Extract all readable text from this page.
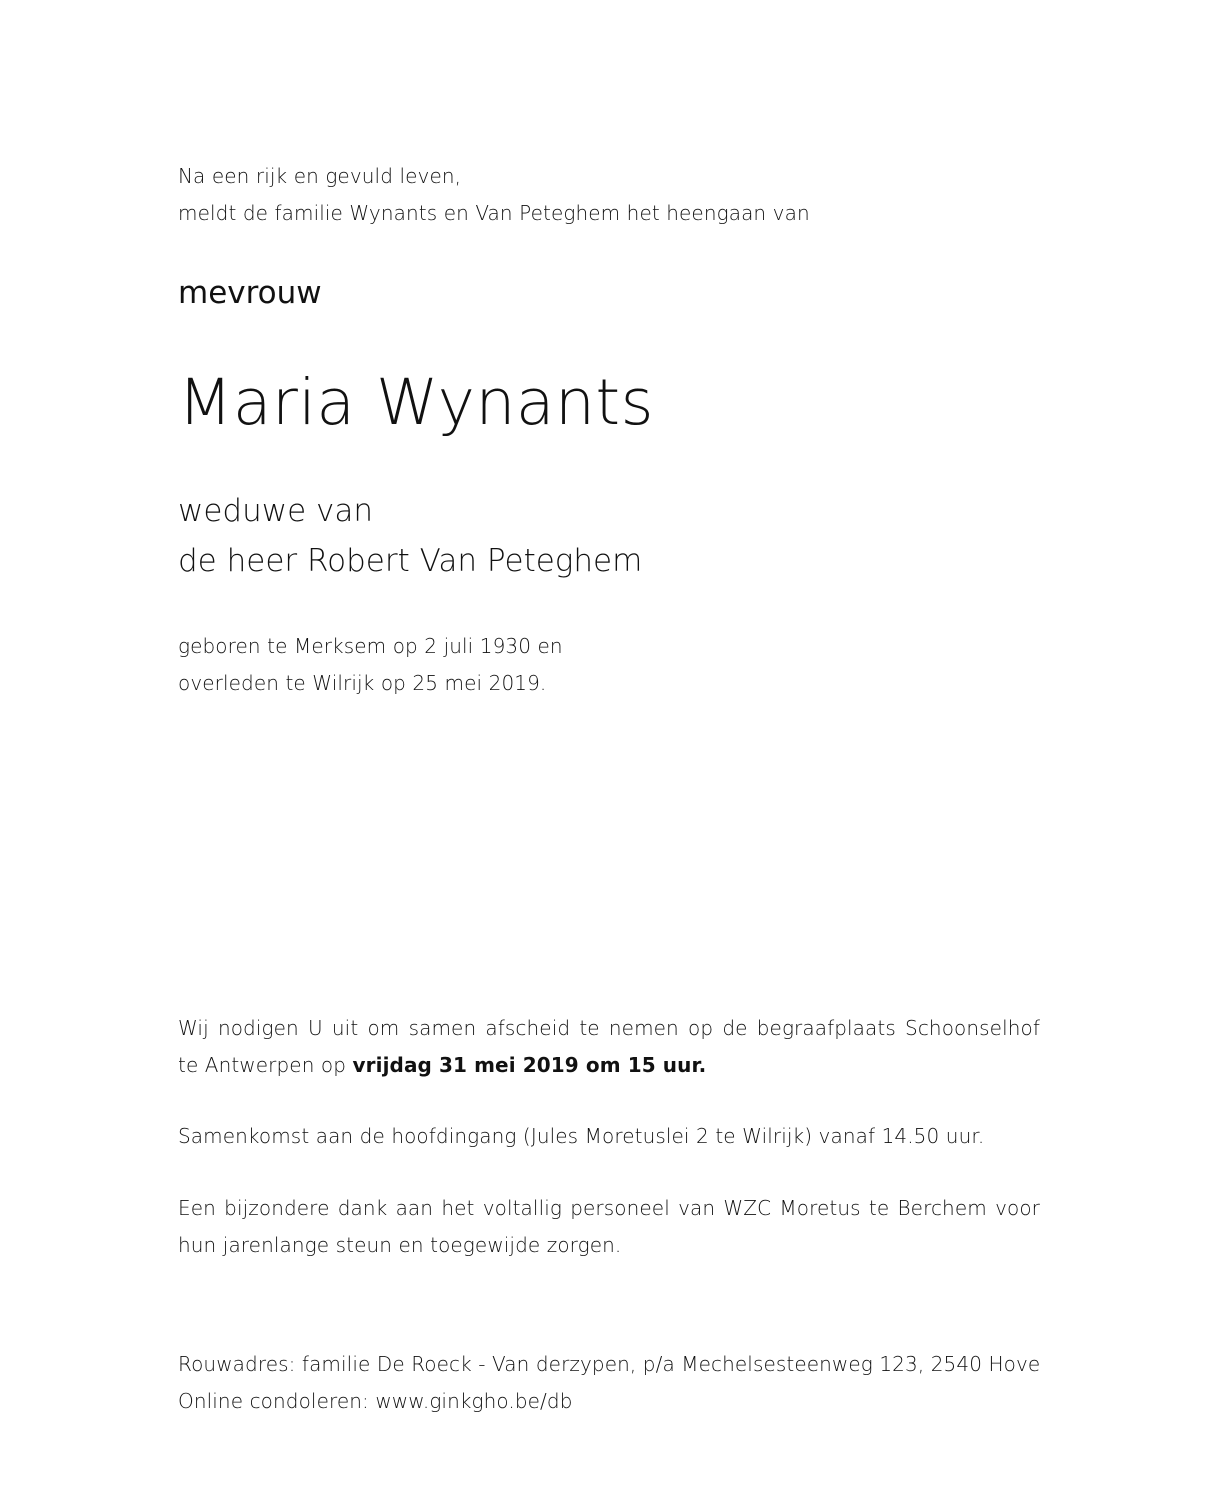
Na een rijk en gevuld leven,
meldt de familie Wynants en Van Peteghem het heengaan van

mevrouw

Maria Wynants
weduwe van
de heer Robert Van Peteghem
geboren te Merksem op 2 juli 1930 en
overleden te Wilrijk op 25 mei 2019.
Wij nodigen U uit om samen afscheid te nemen op de begraafplaats Schoonselhof
te Antwerpen op vrijdag 31 mei 2019 om 15 uur.

Samenkomst aan de hoofdingang (Jules Moretuslei 2 te Wilrijk) vanaf 14.50 uur.

Een bijzondere dank aan het voltallig personeel van WZC Moretus te Berchem voor
hun jarenlange steun en toegewijde zorgen.
Rouwadres: familie De Roeck - Van derzypen, p/a Mechelsesteenweg 123, 2540 Hove
Online condoleren: www.ginkgho.be/db
